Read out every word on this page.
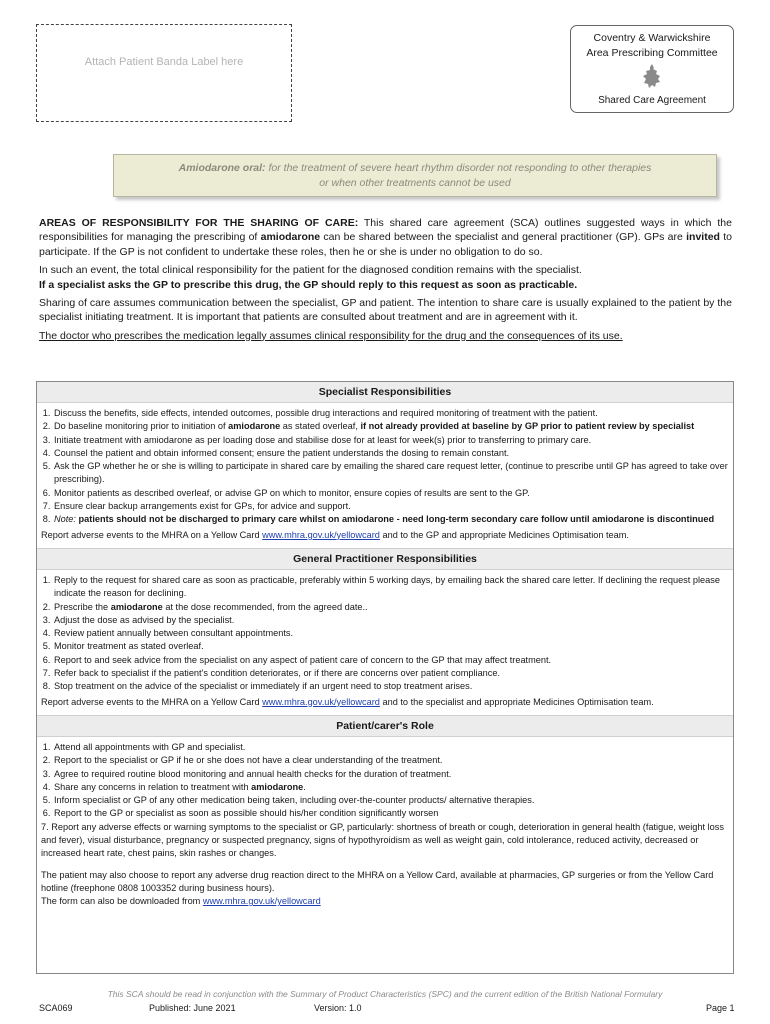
Attach Patient Banda Label here
Coventry & Warwickshire
Area Prescribing Committee
Shared Care Agreement
Amiodarone oral: for the treatment of severe heart rhythm disorder not responding to other therapies
or when other treatments cannot be used

AREAS OF RESPONSIBILITY FOR THE SHARING OF CARE: This shared care agreement (SCA) outlines suggested ways in which the responsibilities for managing the prescribing of amiodarone can be shared between the specialist and general practitioner (GP). GPs are invited to participate. If the GP is not confident to undertake these roles, then he or she is under no obligation to do so.

In such an event, the total clinical responsibility for the patient for the diagnosed condition remains with the specialist.

If a specialist asks the GP to prescribe this drug, the GP should reply to this request as soon as practicable.

Sharing of care assumes communication between the specialist, GP and patient. The intention to share care is usually explained to the patient by the specialist initiating treatment. It is important that patients are consulted about treatment and are in agreement with it.

The doctor who prescribes the medication legally assumes clinical responsibility for the drug and the consequences of its use.

Specialist Responsibilities
1. Discuss the benefits, side effects, intended outcomes, possible drug interactions and required monitoring of treatment with the patient.
2. Do baseline monitoring prior to initiation of amiodarone as stated overleaf, if not already provided at baseline by GP prior to patient review by specialist
3. Initiate treatment with amiodarone as per loading dose and stabilise dose for at least for week(s) prior to transferring to primary care.
4. Counsel the patient and obtain informed consent; ensure the patient understands the dosing to remain constant.
5. Ask the GP whether he or she is willing to participate in shared care by emailing the shared care request letter, (continue to prescribe until GP has agreed to take over prescribing).
6. Monitor patients as described overleaf, or advise GP on which to monitor, ensure copies of results are sent to the GP.
7. Ensure clear backup arrangements exist for GPs, for advice and support.
8. Note: patients should not be discharged to primary care whilst on amiodarone - need long-term secondary care follow until amiodarone is discontinued

Report adverse events to the MHRA on a Yellow Card www.mhra.gov.uk/yellowcard and to the GP and appropriate Medicines Optimisation team.

General Practitioner Responsibilities
1. Reply to the request for shared care as soon as practicable, preferably within 5 working days, by emailing back the shared care letter. If declining the request please indicate the reason for declining.
2. Prescribe the amiodarone at the dose recommended, from the agreed date..
3. Adjust the dose as advised by the specialist.
4. Review patient annually between consultant appointments.
5. Monitor treatment as stated overleaf.
6. Report to and seek advice from the specialist on any aspect of patient care of concern to the GP that may affect treatment.
7. Refer back to specialist if the patient's condition deteriorates, or if there are concerns over patient compliance.
8. Stop treatment on the advice of the specialist or immediately if an urgent need to stop treatment arises.

Report adverse events to the MHRA on a Yellow Card www.mhra.gov.uk/yellowcard and to the specialist and appropriate Medicines Optimisation team.

Patient/carer's Role
1. Attend all appointments with GP and specialist.
2. Report to the specialist or GP if he or she does not have a clear understanding of the treatment.
3. Agree to required routine blood monitoring and annual health checks for the duration of treatment.
4. Share any concerns in relation to treatment with amiodarone.
5. Inform specialist or GP of any other medication being taken, including over-the-counter products/ alternative therapies.
6. Report to the GP or specialist as soon as possible should his/her condition significantly worsen

7. Report any adverse effects or warning symptoms to the specialist or GP, particularly: shortness of breath or cough, deterioration in general health (fatigue, weight loss and fever), visual disturbance, pregnancy or suspected pregnancy, signs of hypothyroidism as well as weight gain, cold intolerance, reduced activity, decreased or increased heart rate, chest pains, skin rashes or changes.

The patient may also choose to report any adverse drug reaction direct to the MHRA on a Yellow Card, available at pharmacies, GP surgeries or from the Yellow Card hotline (freephone 0808 1003352 during business hours).

The form can also be downloaded from www.mhra.gov.uk/yellowcard

This SCA should be read in conjunction with the Summary of Product Characteristics (SPC) and the current edition of the British National Formulary
SCA069	Published: June 2021	Version: 1.0	Page 1
